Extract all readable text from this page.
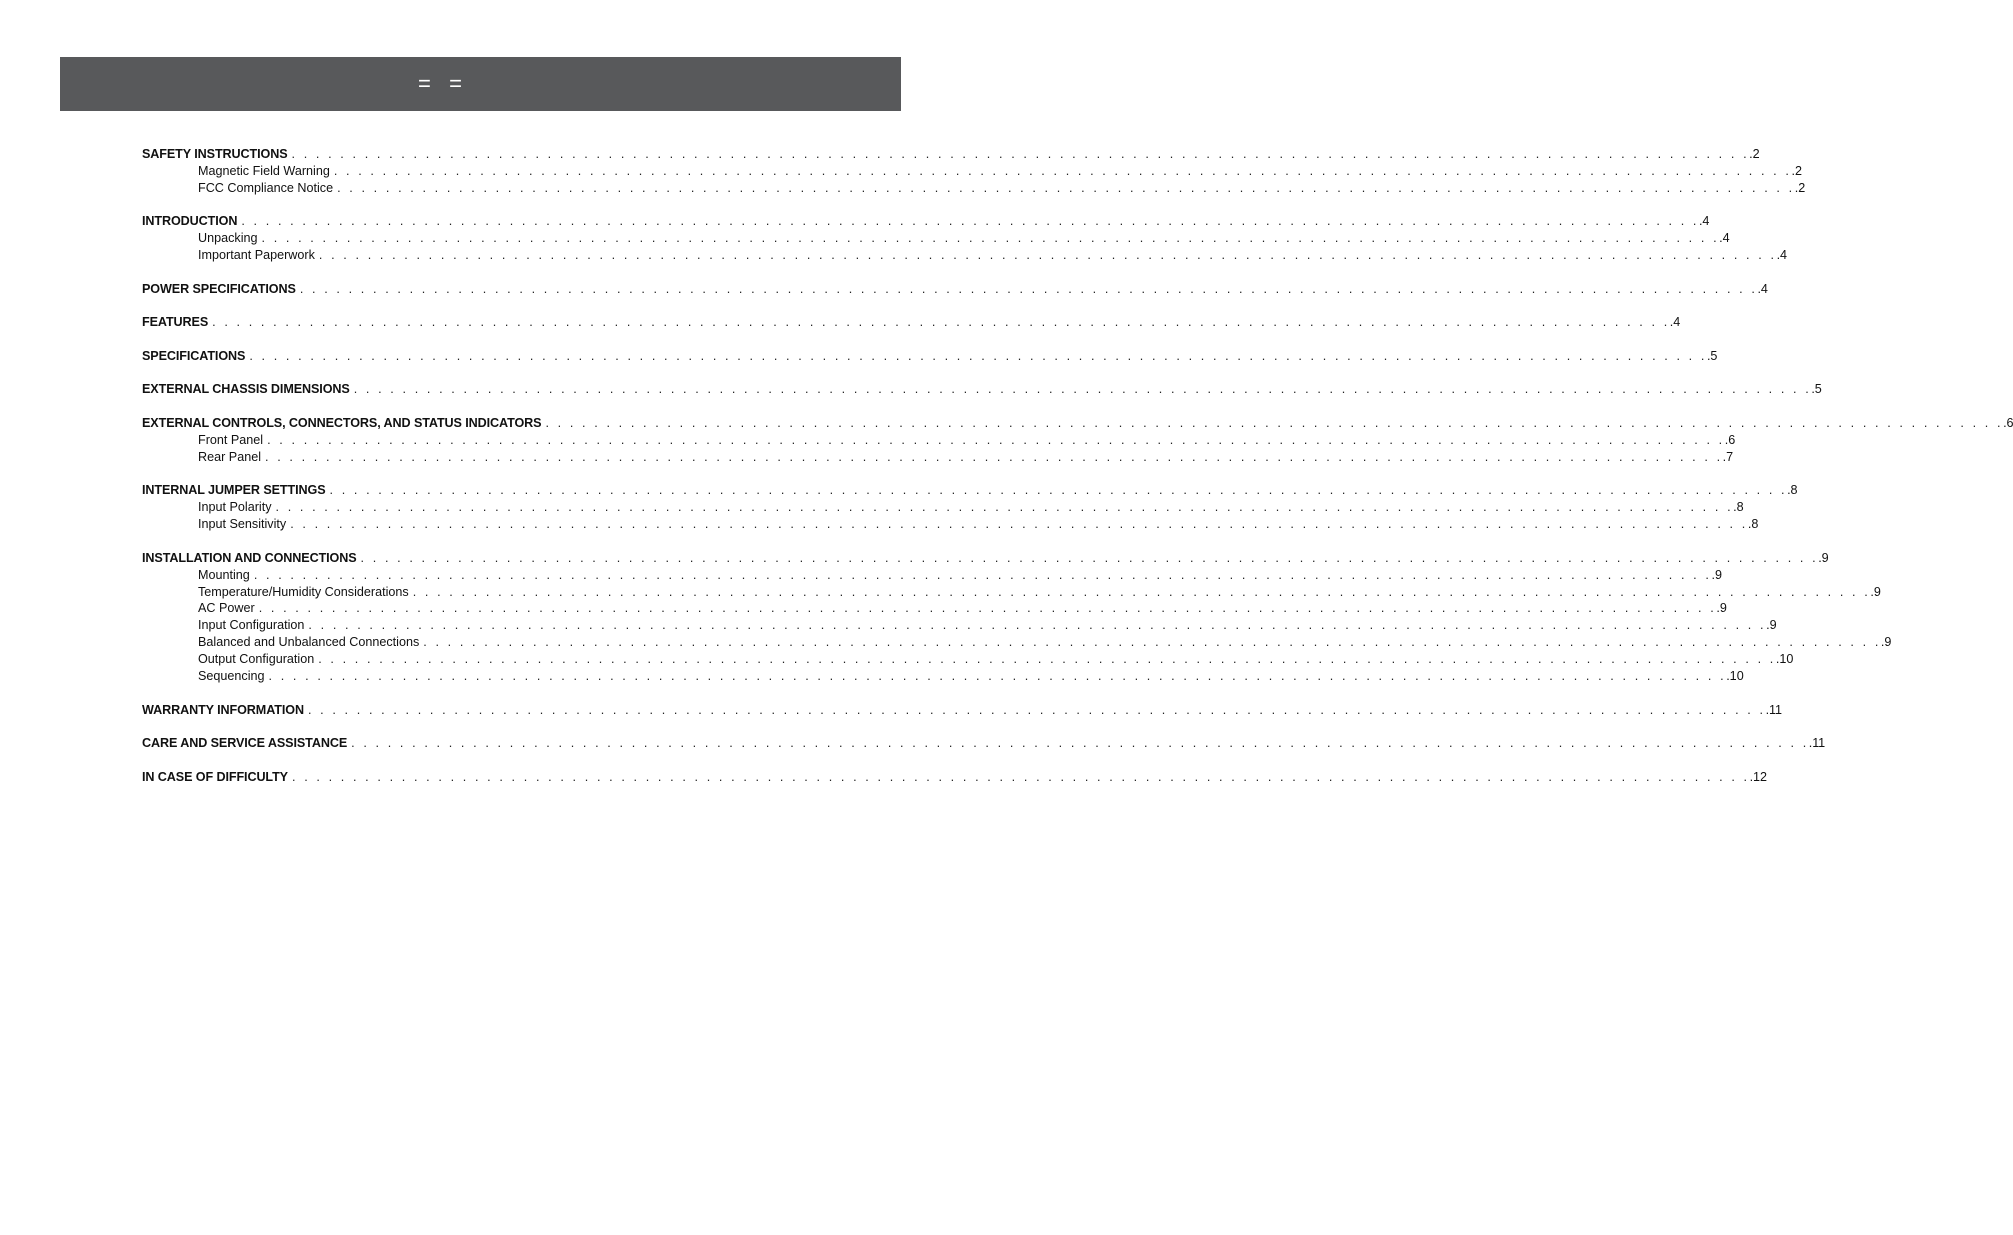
=   =
SAFETY INSTRUCTIONS . . . . . . . . . . . . . . . . . . . . . . . . . . . . . . . . . . . . . . . . . . . . . . . . . . . . . . . . . . . . . . . . . . . . . . . . . . . . . . . . . . . . . . . . . . . . . . . . . . . . . . . . . . . . . . . . . . . . . . . . .2
Magnetic Field Warning . . . . . . . . . . . . . . . . . . . . . . . . . . . . . . . . . . . . . . . . . . . . . . . . . . . . . . . . . . . . . . . . . . . . . . . . . . . . . . . . . . . . . . . . . . . . . . . . . . . . . . . . . . . . . . . . . . . . . . . . .2
FCC Compliance Notice . . . . . . . . . . . . . . . . . . . . . . . . . . . . . . . . . . . . . . . . . . . . . . . . . . . . . . . . . . . . . . . . . . . . . . . . . . . . . . . . . . . . . . . . . . . . . . . . . . . . . . . . . . . . . . . . . . . . . . . . .2
INTRODUCTION . . . . . . . . . . . . . . . . . . . . . . . . . . . . . . . . . . . . . . . . . . . . . . . . . . . . . . . . . . . . . . . . . . . . . . . . . . . . . . . . . . . . . . . . . . . . . . . . . . . . . . . . . . . . . . . . . . . . . . . . .4
Unpacking . . . . . . . . . . . . . . . . . . . . . . . . . . . . . . . . . . . . . . . . . . . . . . . . . . . . . . . . . . . . . . . . . . . . . . . . . . . . . . . . . . . . . . . . . . . . . . . . . . . . . . . . . . . . . . . . . . . . . . . . .4
Important Paperwork . . . . . . . . . . . . . . . . . . . . . . . . . . . . . . . . . . . . . . . . . . . . . . . . . . . . . . . . . . . . . . . . . . . . . . . . . . . . . . . . . . . . . . . . . . . . . . . . . . . . . . . . . . . . . . . . . . . . . . . . .4
POWER SPECIFICATIONS . . . . . . . . . . . . . . . . . . . . . . . . . . . . . . . . . . . . . . . . . . . . . . . . . . . . . . . . . . . . . . . . . . . . . . . . . . . . . . . . . . . . . . . . . . . . . . . . . . . . . . . . . . . . . . . . . . . . . . . . .4
FEATURES . . . . . . . . . . . . . . . . . . . . . . . . . . . . . . . . . . . . . . . . . . . . . . . . . . . . . . . . . . . . . . . . . . . . . . . . . . . . . . . . . . . . . . . . . . . . . . . . . . . . . . . . . . . . . . . . . . . . . . . . .4
SPECIFICATIONS . . . . . . . . . . . . . . . . . . . . . . . . . . . . . . . . . . . . . . . . . . . . . . . . . . . . . . . . . . . . . . . . . . . . . . . . . . . . . . . . . . . . . . . . . . . . . . . . . . . . . . . . . . . . . . . . . . . . . . . . .5
EXTERNAL CHASSIS DIMENSIONS . . . . . . . . . . . . . . . . . . . . . . . . . . . . . . . . . . . . . . . . . . . . . . . . . . . . . . . . . . . . . . . . . . . . . . . . . . . . . . . . . . . . . . . . . . . . . . . . . . . . . . . . . . . . . . . . . . . . . . . . .5
EXTERNAL CONTROLS, CONNECTORS, AND STATUS INDICATORS . . . . . . . . . . . . . . . . . . . . . . . . . . . . . . . . . . . . . . . . . . . . . . . . . . . . . . . . . . . . . . . . . . . . . . . . . . . . . . . . . . . . . . . . . . . . . . . . . . . . . . . . . . . . . . . . . . . . . . . . .6
Front Panel . . . . . . . . . . . . . . . . . . . . . . . . . . . . . . . . . . . . . . . . . . . . . . . . . . . . . . . . . . . . . . . . . . . . . . . . . . . . . . . . . . . . . . . . . . . . . . . . . . . . . . . . . . . . . . . . . . . . . . . . .6
Rear Panel . . . . . . . . . . . . . . . . . . . . . . . . . . . . . . . . . . . . . . . . . . . . . . . . . . . . . . . . . . . . . . . . . . . . . . . . . . . . . . . . . . . . . . . . . . . . . . . . . . . . . . . . . . . . . . . . . . . . . . . . .7
INTERNAL JUMPER SETTINGS . . . . . . . . . . . . . . . . . . . . . . . . . . . . . . . . . . . . . . . . . . . . . . . . . . . . . . . . . . . . . . . . . . . . . . . . . . . . . . . . . . . . . . . . . . . . . . . . . . . . . . . . . . . . . . . . . . . . . . . . .8
Input Polarity . . . . . . . . . . . . . . . . . . . . . . . . . . . . . . . . . . . . . . . . . . . . . . . . . . . . . . . . . . . . . . . . . . . . . . . . . . . . . . . . . . . . . . . . . . . . . . . . . . . . . . . . . . . . . . . . . . . . . . . . .8
Input Sensitivity . . . . . . . . . . . . . . . . . . . . . . . . . . . . . . . . . . . . . . . . . . . . . . . . . . . . . . . . . . . . . . . . . . . . . . . . . . . . . . . . . . . . . . . . . . . . . . . . . . . . . . . . . . . . . . . . . . . . . . . . .8
INSTALLATION AND CONNECTIONS . . . . . . . . . . . . . . . . . . . . . . . . . . . . . . . . . . . . . . . . . . . . . . . . . . . . . . . . . . . . . . . . . . . . . . . . . . . . . . . . . . . . . . . . . . . . . . . . . . . . . . . . . . . . . . . . . . . . . . . . .9
Mounting . . . . . . . . . . . . . . . . . . . . . . . . . . . . . . . . . . . . . . . . . . . . . . . . . . . . . . . . . . . . . . . . . . . . . . . . . . . . . . . . . . . . . . . . . . . . . . . . . . . . . . . . . . . . . . . . . . . . . . . . .9
Temperature/Humidity Considerations . . . . . . . . . . . . . . . . . . . . . . . . . . . . . . . . . . . . . . . . . . . . . . . . . . . . . . . . . . . . . . . . . . . . . . . . . . . . . . . . . . . . . . . . . . . . . . . . . . . . . . . . . . . . . . . . . . . . . . . . .9
AC Power . . . . . . . . . . . . . . . . . . . . . . . . . . . . . . . . . . . . . . . . . . . . . . . . . . . . . . . . . . . . . . . . . . . . . . . . . . . . . . . . . . . . . . . . . . . . . . . . . . . . . . . . . . . . . . . . . . . . . . . . .9
Input Configuration . . . . . . . . . . . . . . . . . . . . . . . . . . . . . . . . . . . . . . . . . . . . . . . . . . . . . . . . . . . . . . . . . . . . . . . . . . . . . . . . . . . . . . . . . . . . . . . . . . . . . . . . . . . . . . . . . . . . . . . . .9
Balanced and Unbalanced Connections . . . . . . . . . . . . . . . . . . . . . . . . . . . . . . . . . . . . . . . . . . . . . . . . . . . . . . . . . . . . . . . . . . . . . . . . . . . . . . . . . . . . . . . . . . . . . . . . . . . . . . . . . . . . . . . . . . . . . . . . .9
Output Configuration . . . . . . . . . . . . . . . . . . . . . . . . . . . . . . . . . . . . . . . . . . . . . . . . . . . . . . . . . . . . . . . . . . . . . . . . . . . . . . . . . . . . . . . . . . . . . . . . . . . . . . . . . . . . . . . . . . . . . . . . .10
Sequencing . . . . . . . . . . . . . . . . . . . . . . . . . . . . . . . . . . . . . . . . . . . . . . . . . . . . . . . . . . . . . . . . . . . . . . . . . . . . . . . . . . . . . . . . . . . . . . . . . . . . . . . . . . . . . . . . . . . . . . . . .10
WARRANTY INFORMATION . . . . . . . . . . . . . . . . . . . . . . . . . . . . . . . . . . . . . . . . . . . . . . . . . . . . . . . . . . . . . . . . . . . . . . . . . . . . . . . . . . . . . . . . . . . . . . . . . . . . . . . . . . . . . . . . . . . . . . . . .11
CARE AND SERVICE ASSISTANCE . . . . . . . . . . . . . . . . . . . . . . . . . . . . . . . . . . . . . . . . . . . . . . . . . . . . . . . . . . . . . . . . . . . . . . . . . . . . . . . . . . . . . . . . . . . . . . . . . . . . . . . . . . . . . . . . . . . . . . . . .11
IN CASE OF DIFFICULTY . . . . . . . . . . . . . . . . . . . . . . . . . . . . . . . . . . . . . . . . . . . . . . . . . . . . . . . . . . . . . . . . . . . . . . . . . . . . . . . . . . . . . . . . . . . . . . . . . . . . . . . . . . . . . . . . . . . . . . . . .12
